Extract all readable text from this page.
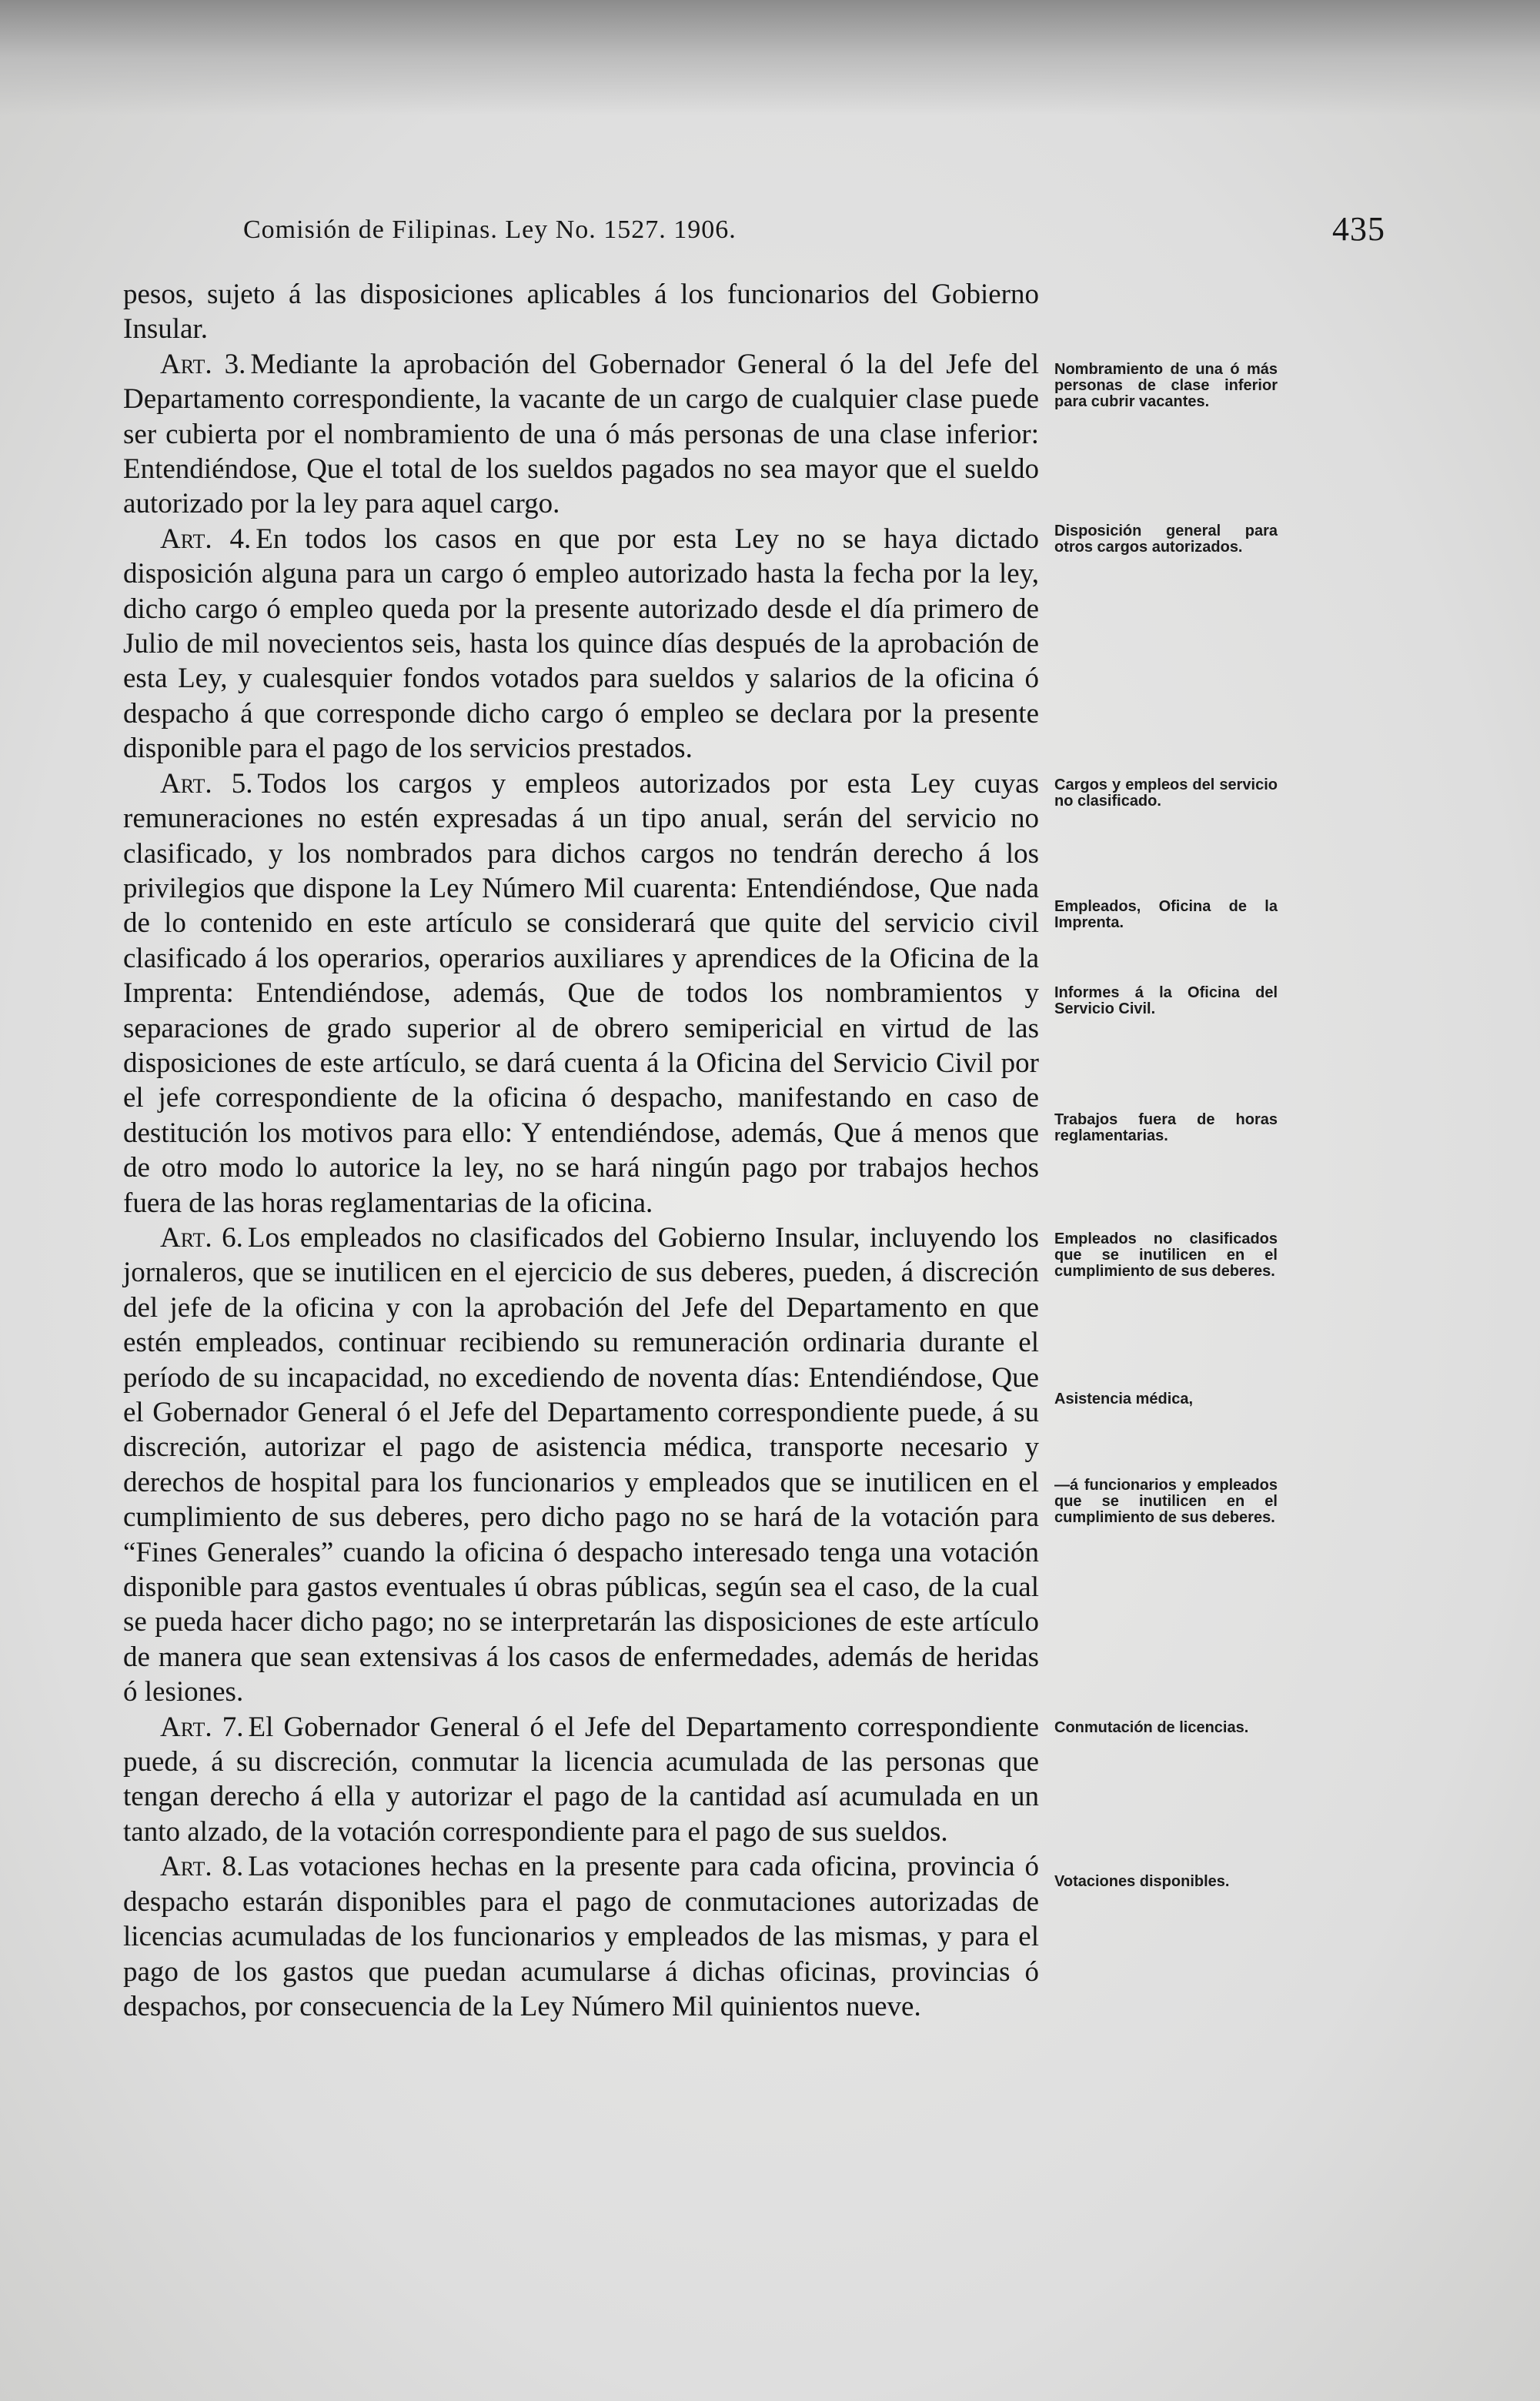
Comisión de Filipinas. Ley No. 1527. 1906.	435

pesos, sujeto á las disposiciones aplicables á los funcionarios del Gobierno Insular.

Art. 3. Mediante la aprobación del Gobernador General ó la del Jefe del Departamento correspondiente, la vacante de un cargo de cualquier clase puede ser cubierta por el nombramiento de una ó más personas de una clase inferior: Entendiéndose, Que el total de los sueldos pagados no sea mayor que el sueldo autorizado por la ley para aquel cargo.

Art. 4. En todos los casos en que por esta Ley no se haya dictado disposición alguna para un cargo ó empleo autorizado hasta la fecha por la ley, dicho cargo ó empleo queda por la presente autorizado desde el día primero de Julio de mil novecientos seis, hasta los quince días después de la aprobación de esta Ley, y cualesquier fondos votados para sueldos y salarios de la oficina ó despacho á que corresponde dicho cargo ó empleo se declara por la presente disponible para el pago de los servicios prestados.

Art. 5. Todos los cargos y empleos autorizados por esta Ley cuyas remuneraciones no estén expresadas á un tipo anual, serán del servicio no clasificado, y los nombrados para dichos cargos no tendrán derecho á los privilegios que dispone la Ley Número Mil cuarenta: Entendiéndose, Que nada de lo contenido en este artículo se considerará que quite del servicio civil clasificado á los operarios, operarios auxiliares y aprendices de la Oficina de la Imprenta: Entendiéndose, además, Que de todos los nombramientos y separaciones de grado superior al de obrero semipericial en virtud de las disposiciones de este artículo, se dará cuenta á la Oficina del Servicio Civil por el jefe correspondiente de la oficina ó despacho, manifestando en caso de destitución los motivos para ello: Y entendiéndose, además, Que á menos que de otro modo lo autorice la ley, no se hará ningún pago por trabajos hechos fuera de las horas reglamentarias de la oficina.

Art. 6. Los empleados no clasificados del Gobierno Insular, incluyendo los jornaleros, que se inutilicen en el ejercicio de sus deberes, pueden, á discreción del jefe de la oficina y con la aprobación del Jefe del Departamento en que estén empleados, continuar recibiendo su remuneración ordinaria durante el período de su incapacidad, no excediendo de noventa días: Entendiéndose, Que el Gobernador General ó el Jefe del Departamento correspondiente puede, á su discreción, autorizar el pago de asistencia médica, transporte necesario y derechos de hospital para los funcionarios y empleados que se inutilicen en el cumplimiento de sus deberes, pero dicho pago no se hará de la votación para “Fines Generales” cuando la oficina ó despacho interesado tenga una votación disponible para gastos eventuales ú obras públicas, según sea el caso, de la cual se pueda hacer dicho pago; no se interpretarán las disposiciones de este artículo de manera que sean extensivas á los casos de enfermedades, además de heridas ó lesiones.

Art. 7. El Gobernador General ó el Jefe del Departamento correspondiente puede, á su discreción, conmutar la licencia acumulada de las personas que tengan derecho á ella y autorizar el pago de la cantidad así acumulada en un tanto alzado, de la votación correspondiente para el pago de sus sueldos.

Art. 8. Las votaciones hechas en la presente para cada oficina, provincia ó despacho estarán disponibles para el pago de conmutaciones autorizadas de licencias acumuladas de los funcionarios y empleados de las mismas, y para el pago de los gastos que puedan acumularse á dichas oficinas, provincias ó despachos, por consecuencia de la Ley Número Mil quinientos nueve.

Nombramiento de una ó más personas de clase inferior para cubrir vacantes.
Disposición general para otros cargos autorizados.
Cargos y empleos del servicio no clasificado.
Empleados, Oficina de la Imprenta.
Informes á la Oficina del Servicio Civil.
Trabajos fuera de horas reglamentarias.
Empleados no clasificados que se inutilicen en el cumplimiento de sus deberes.
Asistencia médica,
—á funcionarios y empleados que se inutilicen en el cumplimiento de sus deberes.
Conmutación de licencias.
Votaciones disponibles.
